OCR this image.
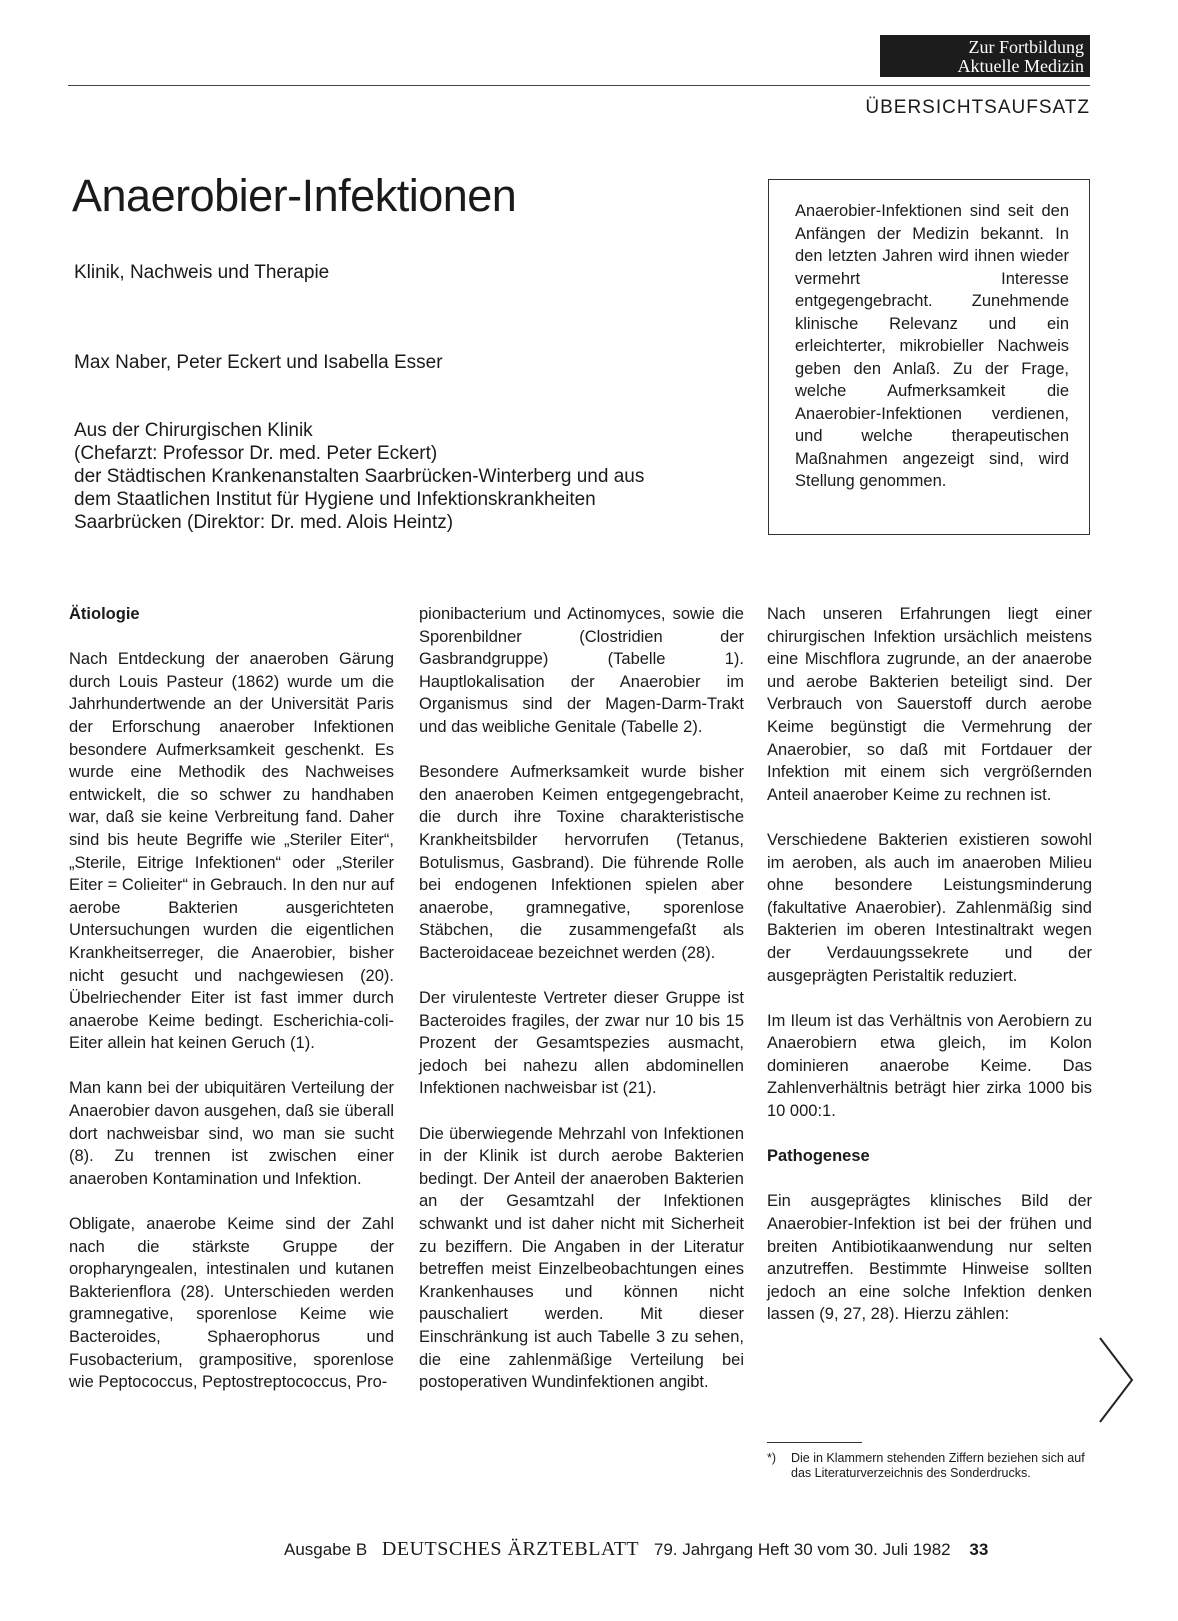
Zur Fortbildung
Aktuelle Medizin
ÜBERSICHTSAUFSATZ
Anaerobier-Infektionen
Klinik, Nachweis und Therapie
Max Naber, Peter Eckert und Isabella Esser
Aus der Chirurgischen Klinik
(Chefarzt: Professor Dr. med. Peter Eckert)
der Städtischen Krankenanstalten Saarbrücken-Winterberg und aus
dem Staatlichen Institut für Hygiene und Infektionskrankheiten
Saarbrücken (Direktor: Dr. med. Alois Heintz)

Anaerobier-Infektionen sind seit den Anfängen der Medizin bekannt. In den letzten Jahren wird ihnen wieder vermehrt Interesse entgegengebracht. Zunehmende klinische Relevanz und ein erleichterter, mikrobieller Nachweis geben den Anlaß. Zu der Frage, welche Aufmerksamkeit die Anaerobier-Infektionen verdienen, und welche therapeutischen Maßnahmen angezeigt sind, wird Stellung genommen.

Ätiologie

Nach Entdeckung der anaeroben Gärung durch Louis Pasteur (1862) wurde um die Jahrhundertwende an der Universität Paris der Erforschung anaerober Infektionen besondere Aufmerksamkeit geschenkt. Es wurde eine Methodik des Nachweises entwickelt, die so schwer zu handhaben war, daß sie keine Verbreitung fand. Daher sind bis heute Begriffe wie „Steriler Eiter“, „Sterile, Eitrige Infektionen“ oder „Steriler Eiter = Colieiter“ in Gebrauch. In den nur auf aerobe Bakterien ausgerichteten Untersuchungen wurden die eigentlichen Krankheitserreger, die Anaerobier, bisher nicht gesucht und nachgewiesen (20). Übelriechender Eiter ist fast immer durch anaerobe Keime bedingt. Escherichia-coli-Eiter allein hat keinen Geruch (1).

Man kann bei der ubiquitären Verteilung der Anaerobier davon ausgehen, daß sie überall dort nachweisbar sind, wo man sie sucht (8). Zu trennen ist zwischen einer anaeroben Kontamination und Infektion.

Obligate, anaerobe Keime sind der Zahl nach die stärkste Gruppe der oropharyngealen, intestinalen und kutanen Bakterienflora (28). Unterschieden werden gramnegative, sporenlose Keime wie Bacteroides, Sphaerophorus und Fusobacterium, grampositive, sporenlose wie Peptococcus, Peptostreptococcus, Pro-

pionibacterium und Actinomyces, sowie die Sporenbildner (Clostridien der Gasbrandgruppe) (Tabelle 1). Hauptlokalisation der Anaerobier im Organismus sind der Magen-Darm-Trakt und das weibliche Genitale (Tabelle 2).

Besondere Aufmerksamkeit wurde bisher den anaeroben Keimen entgegengebracht, die durch ihre Toxine charakteristische Krankheitsbilder hervorrufen (Tetanus, Botulismus, Gasbrand). Die führende Rolle bei endogenen Infektionen spielen aber anaerobe, gramnegative, sporenlose Stäbchen, die zusammengefaßt als Bacteroidaceae bezeichnet werden (28).

Der virulenteste Vertreter dieser Gruppe ist Bacteroides fragiles, der zwar nur 10 bis 15 Prozent der Gesamtspezies ausmacht, jedoch bei nahezu allen abdominellen Infektionen nachweisbar ist (21).

Die überwiegende Mehrzahl von Infektionen in der Klinik ist durch aerobe Bakterien bedingt. Der Anteil der anaeroben Bakterien an der Gesamtzahl der Infektionen schwankt und ist daher nicht mit Sicherheit zu beziffern. Die Angaben in der Literatur betreffen meist Einzelbeobachtungen eines Krankenhauses und können nicht pauschaliert werden. Mit dieser Einschränkung ist auch Tabelle 3 zu sehen, die eine zahlenmäßige Verteilung bei postoperativen Wundinfektionen angibt.

Nach unseren Erfahrungen liegt einer chirurgischen Infektion ursächlich meistens eine Mischflora zugrunde, an der anaerobe und aerobe Bakterien beteiligt sind. Der Verbrauch von Sauerstoff durch aerobe Keime begünstigt die Vermehrung der Anaerobier, so daß mit Fortdauer der Infektion mit einem sich vergrößernden Anteil anaerober Keime zu rechnen ist.

Verschiedene Bakterien existieren sowohl im aeroben, als auch im anaeroben Milieu ohne besondere Leistungsminderung (fakultative Anaerobier). Zahlenmäßig sind Bakterien im oberen Intestinaltrakt wegen der Verdauungssekrete und der ausgeprägten Peristaltik reduziert.

Im Ileum ist das Verhältnis von Aerobiern zu Anaerobiern etwa gleich, im Kolon dominieren anaerobe Keime. Das Zahlenverhältnis beträgt hier zirka 1000 bis 10 000:1.

Pathogenese

Ein ausgeprägtes klinisches Bild der Anaerobier-Infektion ist bei der frühen und breiten Antibiotikaanwendung nur selten anzutreffen. Bestimmte Hinweise sollten jedoch an eine solche Infektion denken lassen (9, 27, 28). Hierzu zählen:

*) Die in Klammern stehenden Ziffern beziehen sich auf das Literaturverzeichnis des Sonderdrucks.
Ausgabe B DEUTSCHES ÄRZTEBLATT 79. Jahrgang Heft 30 vom 30. Juli 1982 33
